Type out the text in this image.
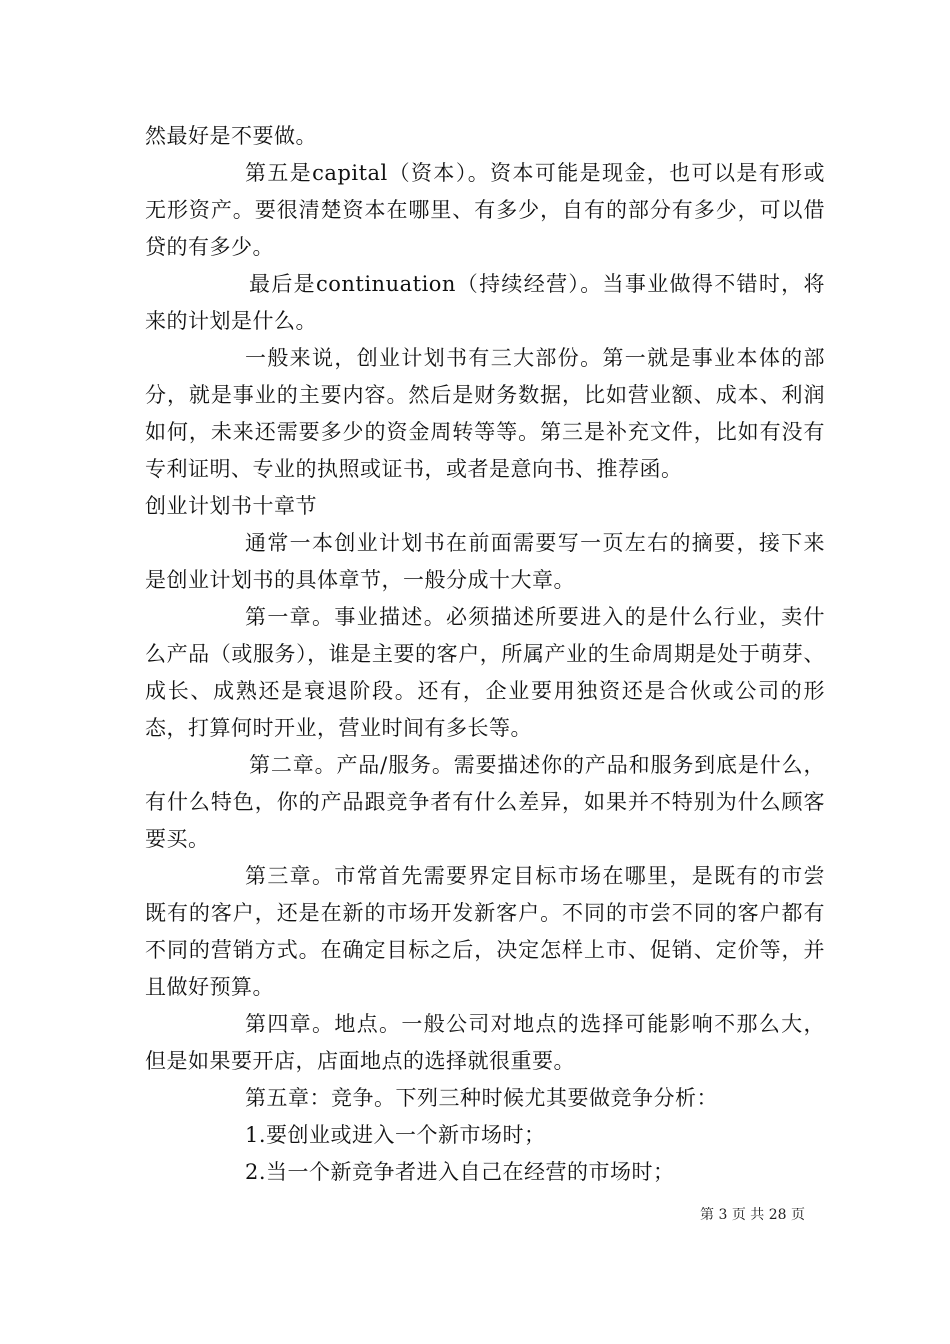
然最好是不要做。

第五是capital（资本）。资本可能是现金，也可以是有形或无形资产。要很清楚资本在哪里、有多少，自有的部分有多少，可以借贷的有多少。

最后是continuation（持续经营）。当事业做得不错时，将来的计划是什么。

一般来说，创业计划书有三大部份。第一就是事业本体的部分，就是事业的主要内容。然后是财务数据，比如营业额、成本、利润如何，未来还需要多少的资金周转等等。第三是补充文件，比如有没有专利证明、专业的执照或证书，或者是意向书、推荐函。

创业计划书十章节

通常一本创业计划书在前面需要写一页左右的摘要，接下来是创业计划书的具体章节，一般分成十大章。

第一章。事业描述。必须描述所要进入的是什么行业，卖什么产品（或服务），谁是主要的客户，所属产业的生命周期是处于萌芽、成长、成熟还是衰退阶段。还有，企业要用独资还是合伙或公司的形态，打算何时开业，营业时间有多长等。

第二章。产品/服务。需要描述你的产品和服务到底是什么，有什么特色，你的产品跟竞争者有什么差异，如果并不特别为什么顾客要买。

第三章。市常首先需要界定目标市场在哪里，是既有的市尝既有的客户，还是在新的市场开发新客户。不同的市尝不同的客户都有不同的营销方式。在确定目标之后，决定怎样上市、促销、定价等，并且做好预算。

第四章。地点。一般公司对地点的选择可能影响不那么大，但是如果要开店，店面地点的选择就很重要。

第五章：竞争。下列三种时候尤其要做竞争分析：

1.要创业或进入一个新市场时；

2.当一个新竞争者进入自己在经营的市场时；

第 3 页 共 28 页
